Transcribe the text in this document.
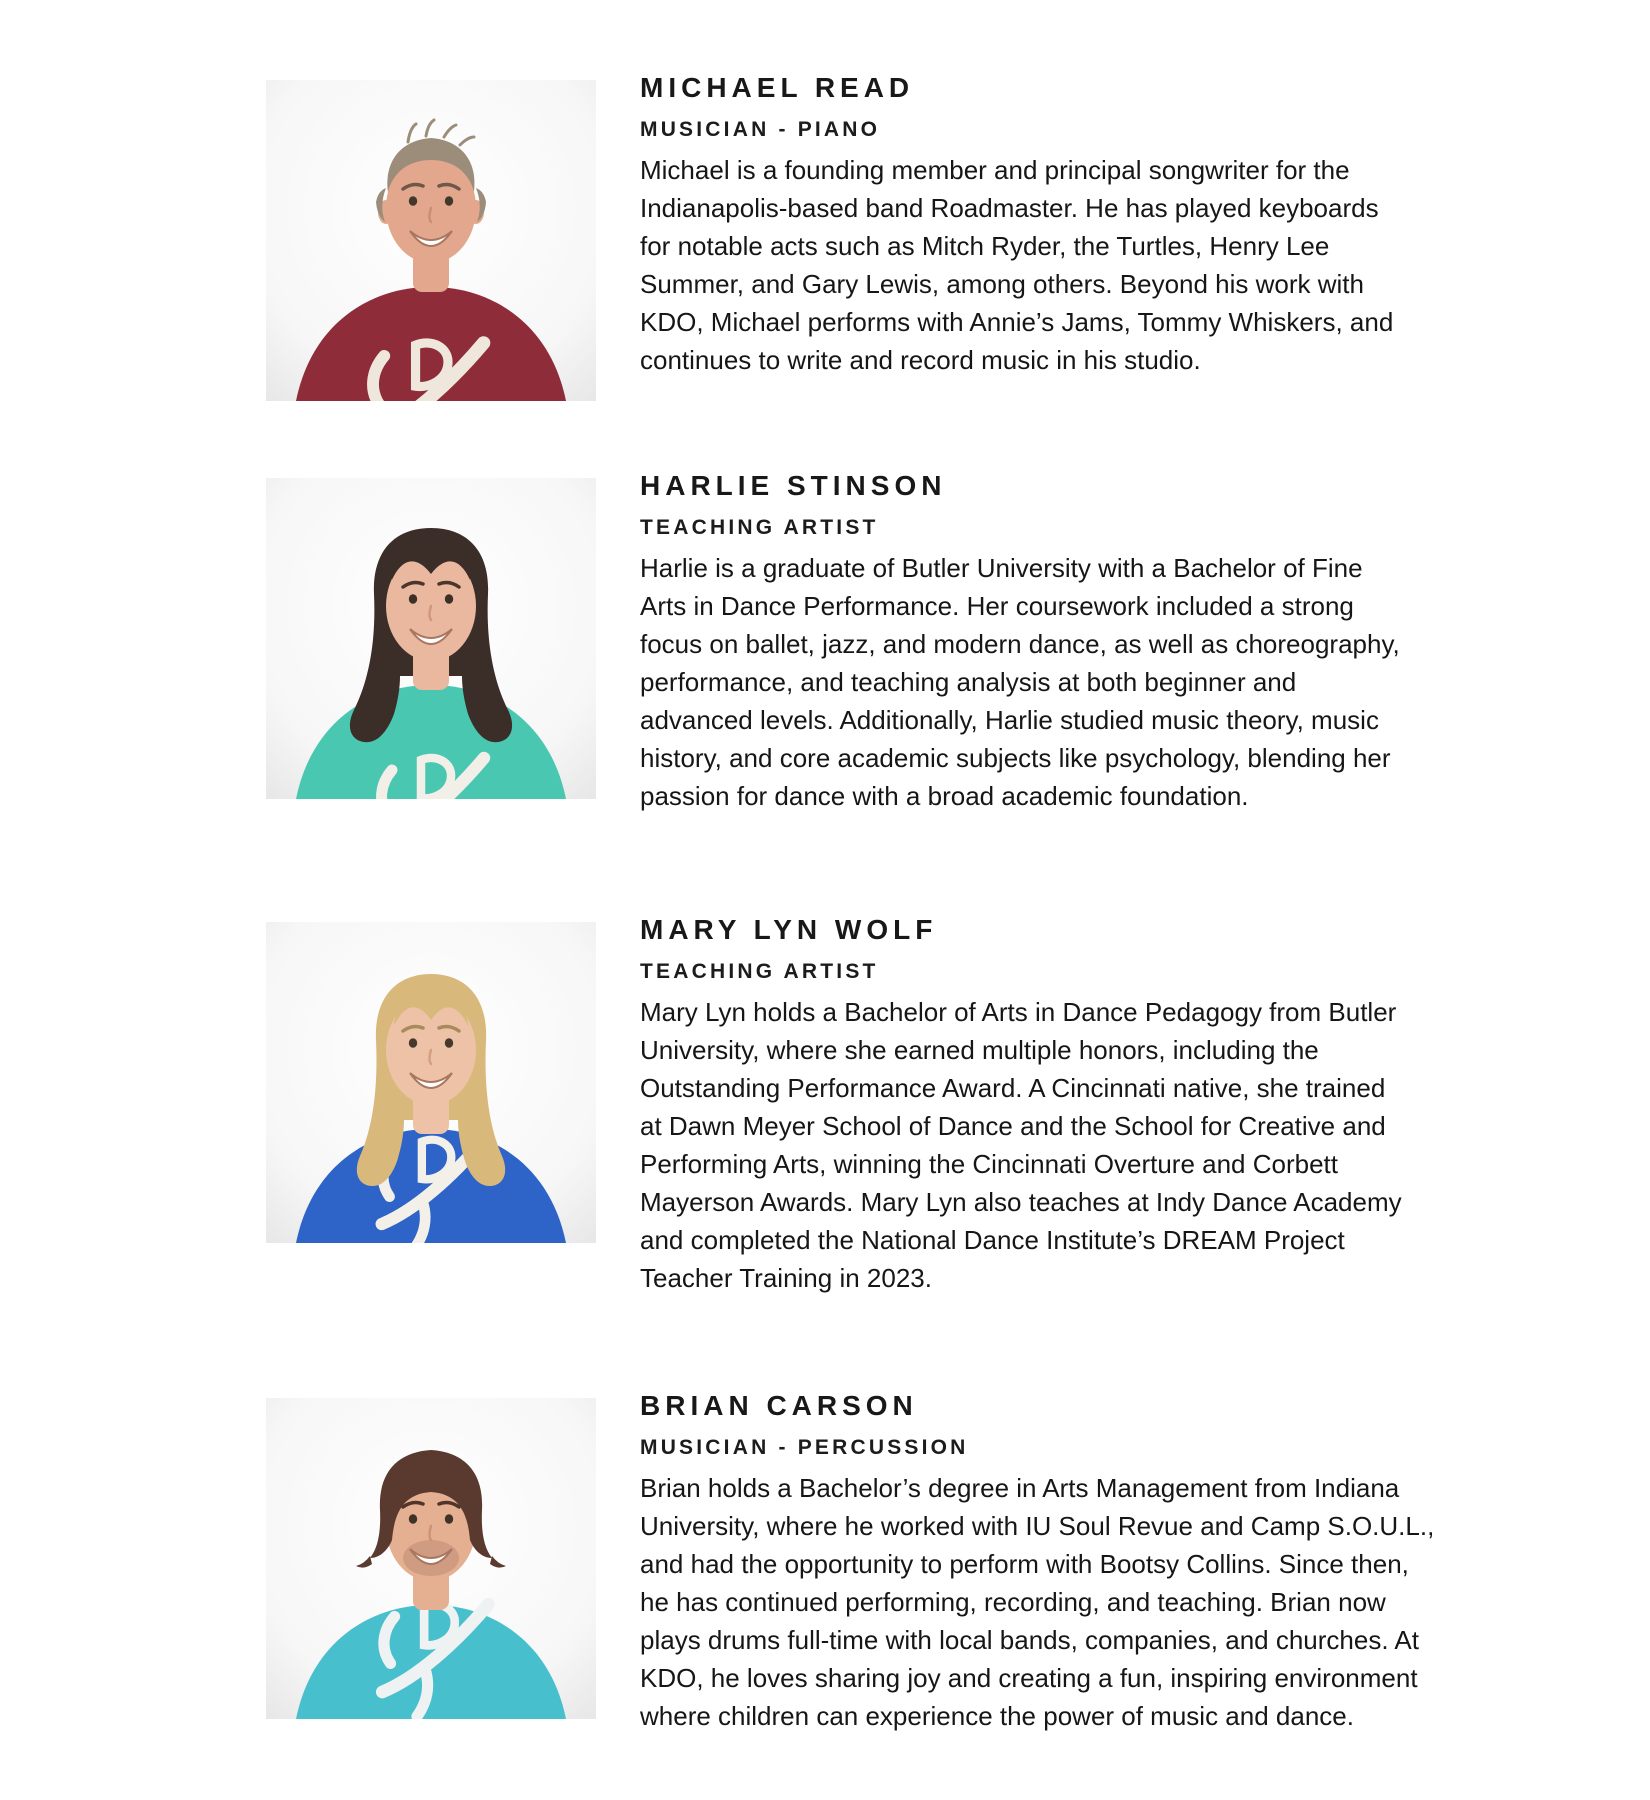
MICHAEL READ
MUSICIAN - PIANO
Michael is a founding member and principal songwriter for the
Indianapolis-based band Roadmaster. He has played keyboards
for notable acts such as Mitch Ryder, the Turtles, Henry Lee
Summer, and Gary Lewis, among others. Beyond his work with
KDO, Michael performs with Annie’s Jams, Tommy Whiskers, and
continues to write and record music in his studio.
HARLIE STINSON
TEACHING ARTIST
Harlie is a graduate of Butler University with a Bachelor of Fine
Arts in Dance Performance. Her coursework included a strong
focus on ballet, jazz, and modern dance, as well as choreography,
performance, and teaching analysis at both beginner and
advanced levels. Additionally, Harlie studied music theory, music
history, and core academic subjects like psychology, blending her
passion for dance with a broad academic foundation.
MARY LYN WOLF
TEACHING ARTIST
Mary Lyn holds a Bachelor of Arts in Dance Pedagogy from Butler
University, where she earned multiple honors, including the
Outstanding Performance Award. A Cincinnati native, she trained
at Dawn Meyer School of Dance and the School for Creative and
Performing Arts, winning the Cincinnati Overture and Corbett
Mayerson Awards. Mary Lyn also teaches at Indy Dance Academy
and completed the National Dance Institute’s DREAM Project
Teacher Training in 2023.
BRIAN CARSON
MUSICIAN - PERCUSSION
Brian holds a Bachelor’s degree in Arts Management from Indiana
University, where he worked with IU Soul Revue and Camp S.O.U.L.,
and had the opportunity to perform with Bootsy Collins. Since then,
he has continued performing, recording, and teaching. Brian now
plays drums full-time with local bands, companies, and churches. At
KDO, he loves sharing joy and creating a fun, inspiring environment
where children can experience the power of music and dance.
